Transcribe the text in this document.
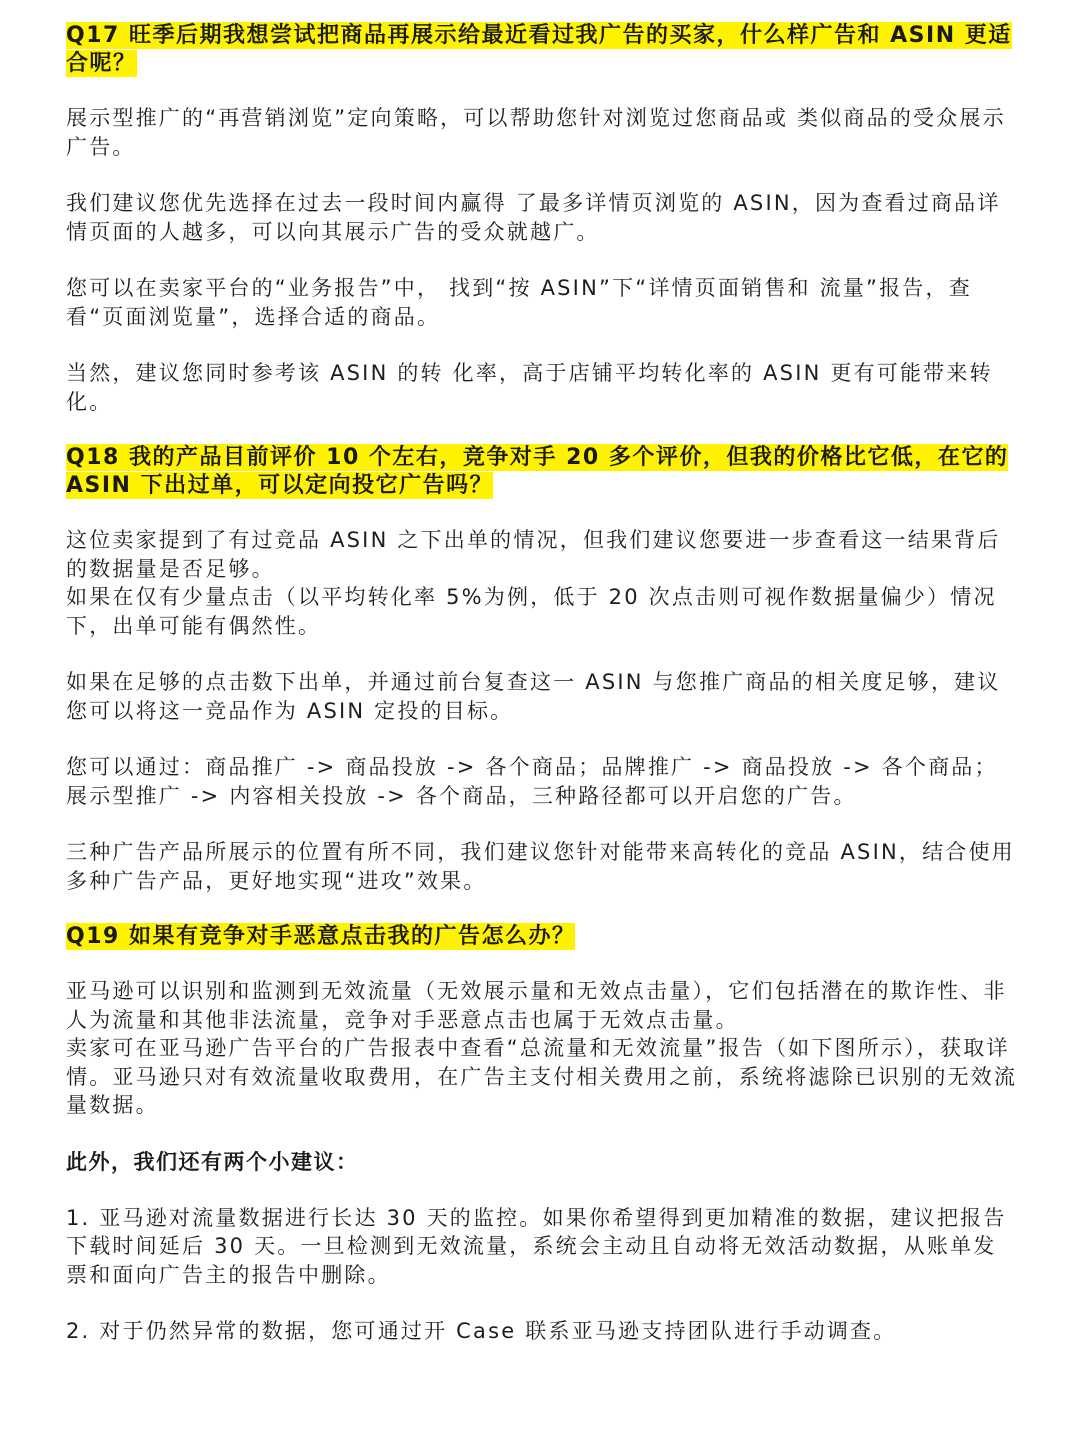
Q17 旺季后期我想尝试把商品再展示给最近看过我广告的买家，什么样广告和 ASIN 更适合呢？
展示型推广的“再营销浏览”定向策略，可以帮助您针对浏览过您商品或 类似商品的受众展示广告。
我们建议您优先选择在过去一段时间内赢得 了最多详情页浏览的 ASIN，因为查看过商品详情页面的人越多，可以向其展示广告的受众就越广。
您可以在卖家平台的“业务报告”中， 找到“按 ASIN”下“详情页面销售和 流量”报告，查看“页面浏览量”，选择合适的商品。
当然，建议您同时参考该 ASIN 的转 化率，高于店铺平均转化率的 ASIN 更有可能带来转化。
Q18 我的产品目前评价 10 个左右，竞争对手 20 多个评价，但我的价格比它低，在它的 ASIN 下出过单，可以定向投它广告吗？
这位卖家提到了有过竞品 ASIN 之下出单的情况，但我们建议您要进一步查看这一结果背后的数据量是否足够。
如果在仅有少量点击（以平均转化率 5%为例，低于 20 次点击则可视作数据量偏少）情况下，出单可能有偶然性。
如果在足够的点击数下出单，并通过前台复查这一 ASIN 与您推广商品的相关度足够，建议您可以将这一竞品作为 ASIN 定投的目标。
您可以通过：商品推广 -> 商品投放 -> 各个商品；品牌推广 -> 商品投放 -> 各个商品；展示型推广 -> 内容相关投放 -> 各个商品，三种路径都可以开启您的广告。
三种广告产品所展示的位置有所不同，我们建议您针对能带来高转化的竞品 ASIN，结合使用多种广告产品，更好地实现“进攻”效果。
Q19 如果有竞争对手恶意点击我的广告怎么办？
亚马逊可以识别和监测到无效流量（无效展示量和无效点击量），它们包括潜在的欺诈性、非人为流量和其他非法流量，竞争对手恶意点击也属于无效点击量。
卖家可在亚马逊广告平台的广告报表中查看“总流量和无效流量”报告（如下图所示），获取详情。亚马逊只对有效流量收取费用，在广告主支付相关费用之前，系统将滤除已识别的无效流量数据。
此外，我们还有两个小建议：
1. 亚马逊对流量数据进行长达 30 天的监控。如果你希望得到更加精准的数据，建议把报告下载时间延后 30 天。一旦检测到无效流量，系统会主动且自动将无效活动数据，从账单发票和面向广告主的报告中删除。
2. 对于仍然异常的数据，您可通过开 Case 联系亚马逊支持团队进行手动调查。
